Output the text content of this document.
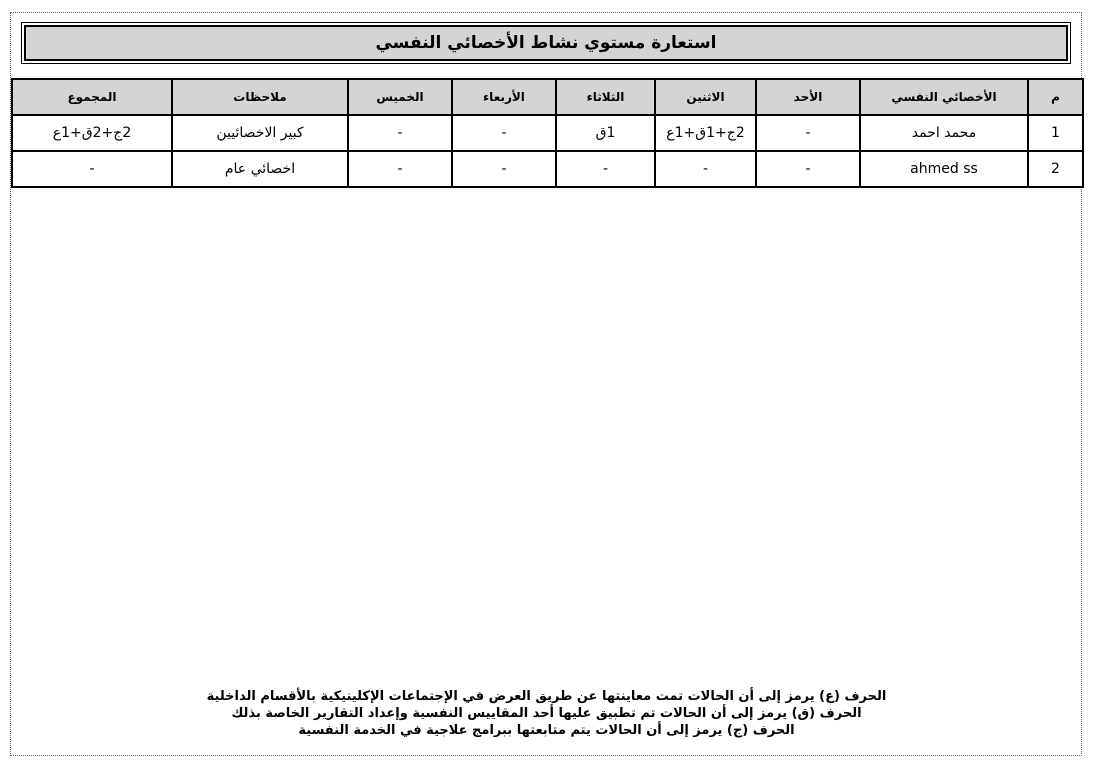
استعارة مستوي نشاط الأخصائي النفسي
م	الأخصائي النفسي	الأحد	الاثنين	الثلاثاء	الأربعاء	الخميس	ملاحظات	المجموع
1	محمد احمد	-	2ج+1ق+1ع	1ق	-	-	كبير الاخصائيين	2ج+2ق+1ع
2	ahmed ss	-	-	-	-	-	اخصائي عام	-
الحرف (ع) يرمز إلى أن الحالات تمت معاينتها عن طريق العرض في الإجتماعات الإكلينيكية بالأقسام الداخلية
الحرف (ق) يرمز إلى أن الحالات تم تطبيق عليها أحد المقاييس النفسية وإعداد التقارير الخاصة بذلك
الحرف (ج) يرمز إلى أن الحالات يتم متابعتها ببرامج علاجية في الخدمة النفسية
